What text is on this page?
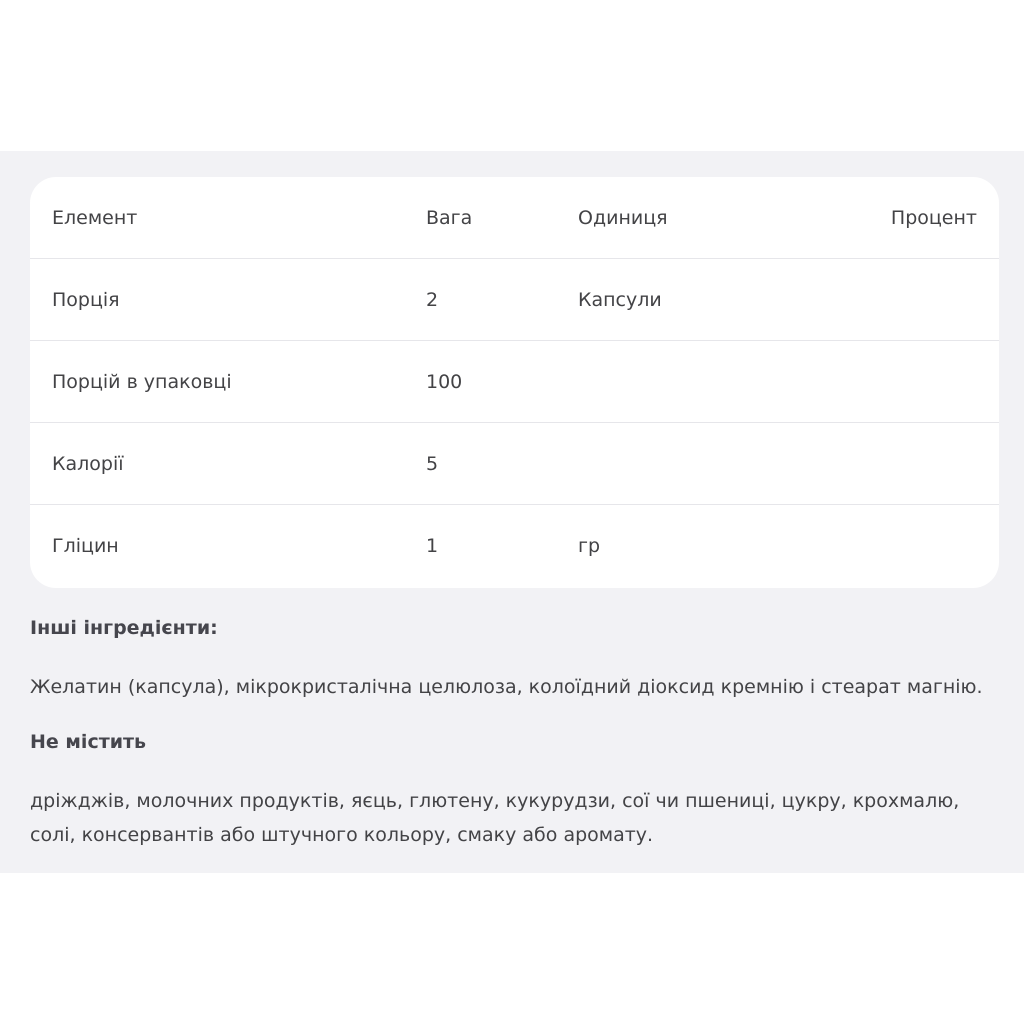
Елемент	Вага	Одиниця	Процент
Порція	2	Капсули
Порцій в упаковці	100
Калорії	5
Гліцин	1	гр
Інші інгредієнти:
Желатин (капсула), мікрокристалічна целюлоза, колоїдний діоксид кремнію і стеарат магнію.
Не містить
дріжджів, молочних продуктів, яєць, глютену, кукурудзи, сої чи пшениці, цукру, крохмалю, солі, консервантів або штучного кольору, смаку або аромату.
